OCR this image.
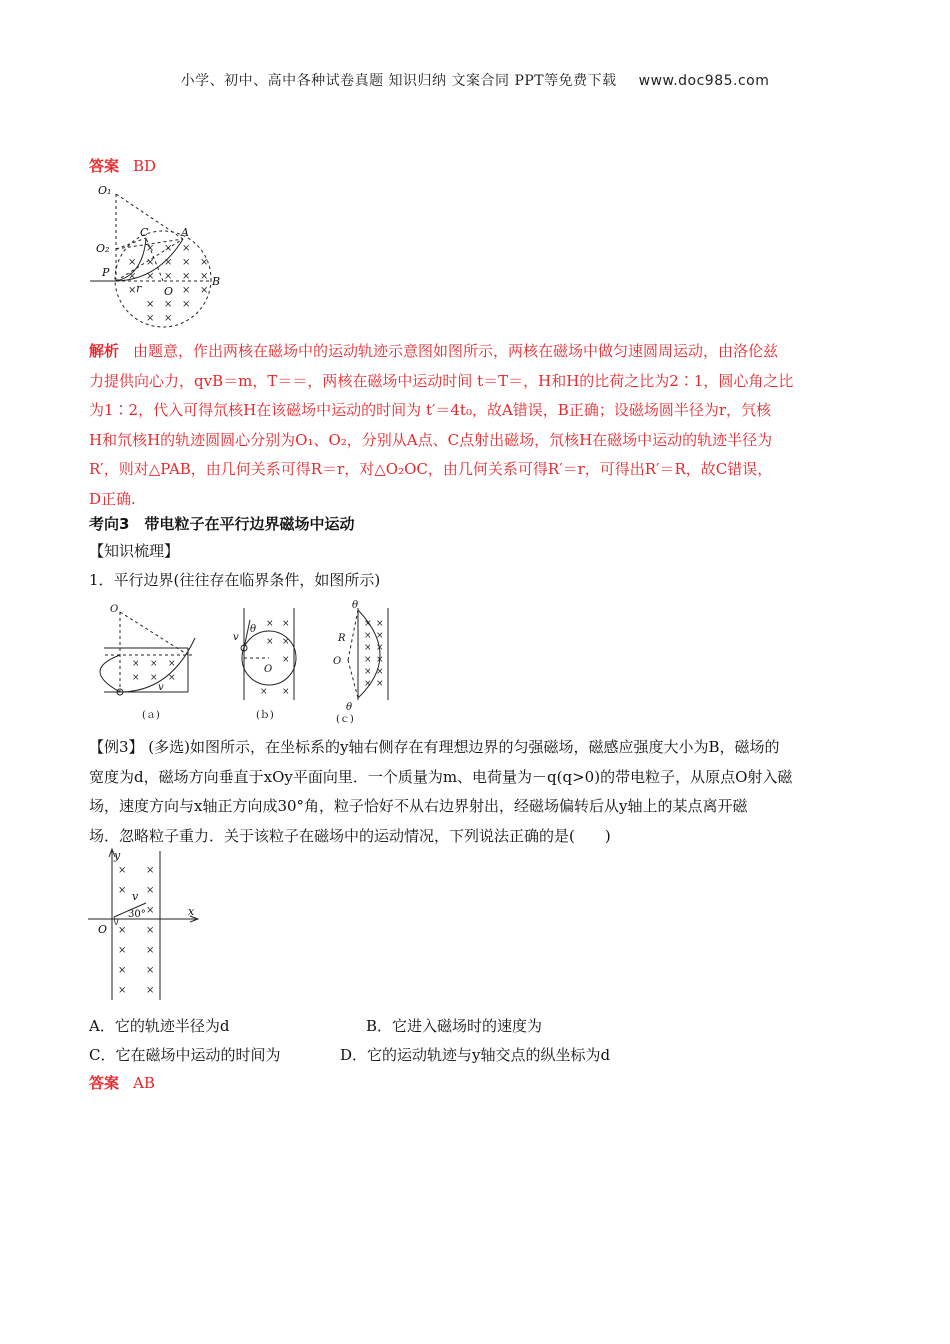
小学、初中、高中各种试卷真题 知识归纳 文案合同 PPT等免费下载 www.doc985.com
答案 BD
O₁
O₂
C	A
P
B
r O
× × ×
× × × × ×
× × × × ×
×	× ×
× × ×
× ×

解析 由题意，作出两核在磁场中的运动轨迹示意图如图所示，两核在磁场中做匀速圆周运动，由洛伦兹

力提供向心力，qvB＝m，T＝＝，两核在磁场中运动时间 t＝T＝，H和H的比荷之比为2∶1，圆心角之比

为1∶2，代入可得氘核H在该磁场中运动的时间为 t′＝4t₀，故A错误，B正确；设磁场圆半径为r，氕核

H和氘核H的轨迹圆圆心分别为O₁、O₂，分别从A点、C点射出磁场，氘核H在磁场中运动的轨迹半径为

R′，则对△PAB，由几何关系可得R＝r，对△O₂OC，由几何关系可得R′＝r，可得出R′＝R，故C错误，

D正确.

考向3　带电粒子在平行边界磁场中运动
【知识梳理】
1．平行边界(往往存在临界条件，如图所示)
O
v
(ａ)
× × ×
× × ×
v
θ
O
(ｂ)
× ×
× ×
×
× ×
θ
R
O
θ
(ｃ)
× ×
× ×
× ×
× ×
× ×
× ×

【例3】 (多选)如图所示，在坐标系的y轴右侧存在有理想边界的匀强磁场，磁感应强度大小为B，磁场的

宽度为d，磁场方向垂直于xOy平面向里．一个质量为m、电荷量为－q(q>0)的带电粒子，从原点O射入磁

场，速度方向与x轴正方向成30°角，粒子恰好不从右边界射出，经磁场偏转后从y轴上的某点离开磁

场．忽略粒子重力．关于该粒子在磁场中的运动情况，下列说法正确的是(　　)

y
x
O
v
30°
× ×
× ×
×
× ×
× ×
× ×
× ×
A．它的轨迹半径为d	B．它进入磁场时的速度为
C．它在磁场中运动的时间为	D．它的运动轨迹与y轴交点的纵坐标为d
答案 AB
